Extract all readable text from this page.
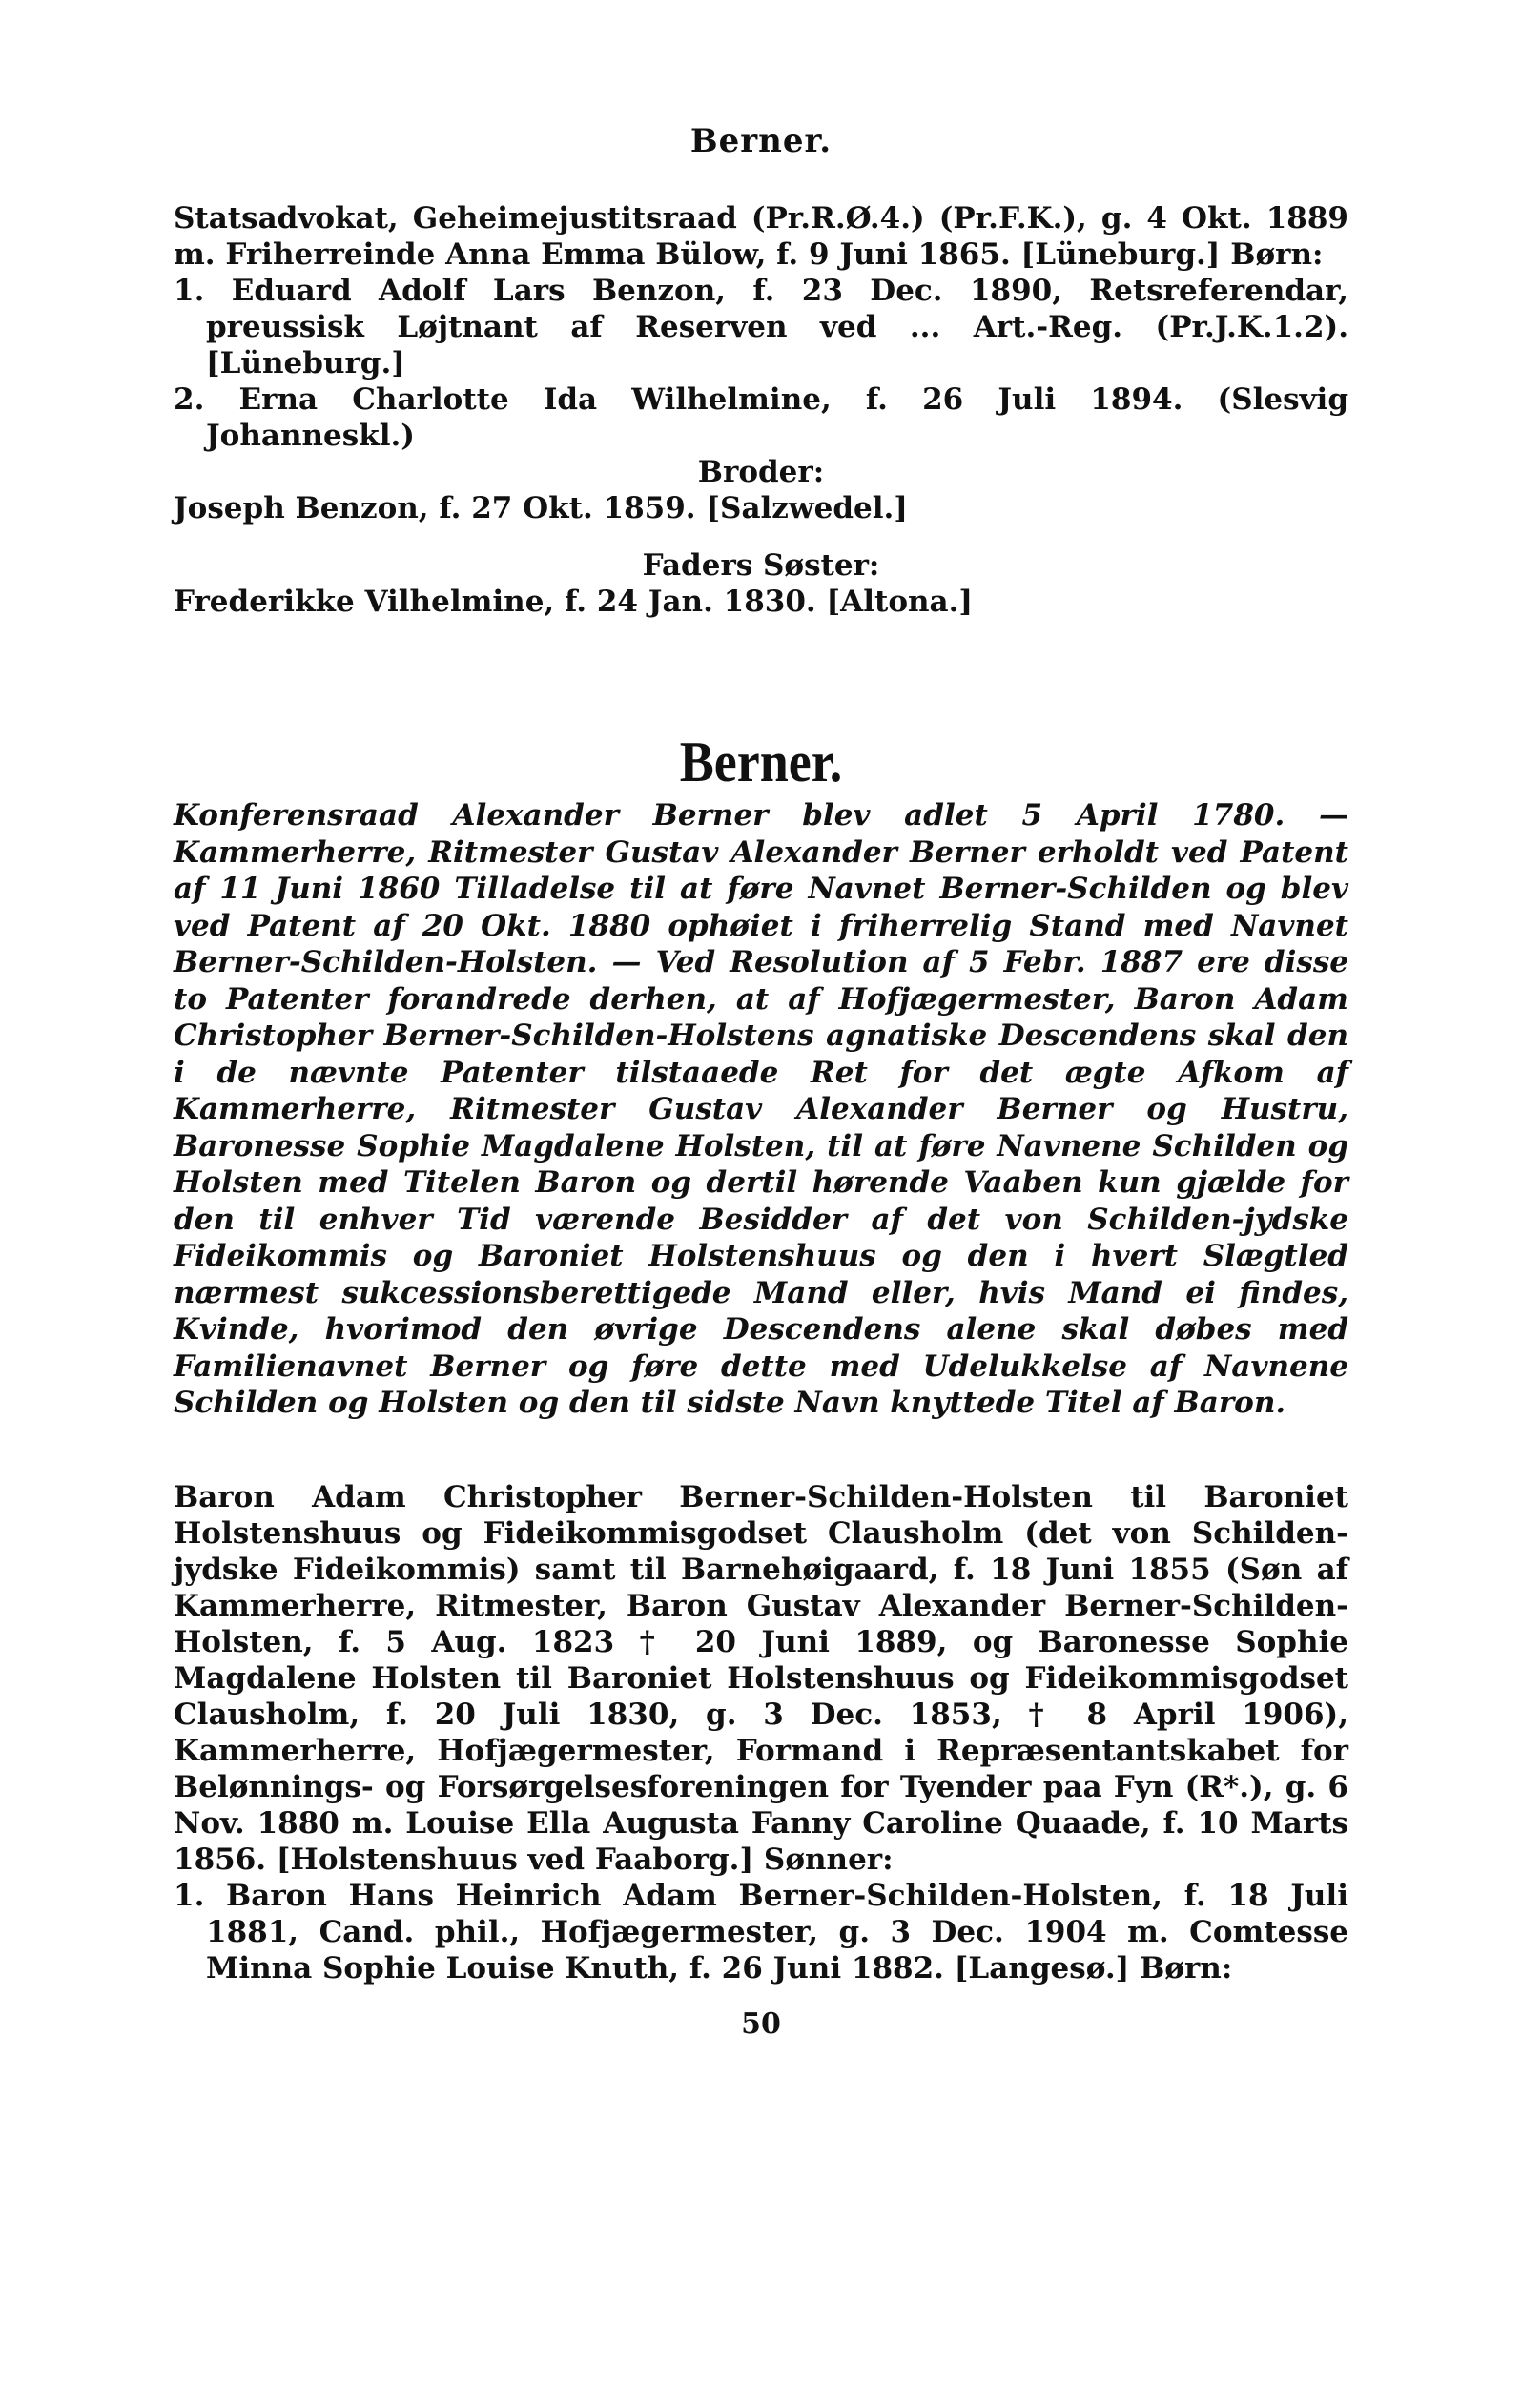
Berner.

Statsadvokat, Geheimejustitsraad (Pr.R.Ø.4.) (Pr.F.K.), g. 4 Okt. 1889 m. Friherreinde Anna Emma Bülow, f. 9 Juni 1865. [Lüneburg.] Børn:

1. Eduard Adolf Lars Benzon, f. 23 Dec. 1890, Retsreferendar, preussisk Løjtnant af Reserven ved ... Art.-Reg. (Pr.J.K.1.2). [Lüneburg.]

2. Erna Charlotte Ida Wilhelmine, f. 26 Juli 1894. (Slesvig Johanneskl.)

Broder:

Joseph Benzon, f. 27 Okt. 1859. [Salzwedel.]

Faders Søster:

Frederikke Vilhelmine, f. 24 Jan. 1830. [Altona.]

Berner.

Konferensraad Alexander Berner blev adlet 5 April 1780. — Kammerherre, Ritmester Gustav Alexander Berner erholdt ved Patent af 11 Juni 1860 Tilladelse til at føre Navnet Berner-Schilden og blev ved Patent af 20 Okt. 1880 ophøiet i friherrelig Stand med Navnet Berner-Schilden-Holsten. — Ved Resolution af 5 Febr. 1887 ere disse to Patenter forandrede derhen, at af Hofjægermester, Baron Adam Christopher Berner-Schilden-Holstens agnatiske Descendens skal den i de nævnte Patenter tilstaaede Ret for det ægte Afkom af Kammerherre, Ritmester Gustav Alexander Berner og Hustru, Baronesse Sophie Magdalene Holsten, til at føre Navnene Schilden og Holsten med Titelen Baron og dertil hørende Vaaben kun gjælde for den til enhver Tid værende Besidder af det von Schilden-jydske Fideikommis og Baroniet Holstenshuus og den i hvert Slægtled nærmest sukcessionsberettigede Mand eller, hvis Mand ei findes, Kvinde, hvorimod den øvrige Descendens alene skal døbes med Familienavnet Berner og føre dette med Udelukkelse af Navnene Schilden og Holsten og den til sidste Navn knyttede Titel af Baron.

Baron Adam Christopher Berner-Schilden-Holsten til Baroniet Holstenshuus og Fideikommisgodset Clausholm (det von Schilden-jydske Fideikommis) samt til Barnehøigaard, f. 18 Juni 1855 (Søn af Kammerherre, Ritmester, Baron Gustav Alexander Berner-Schilden-Holsten, f. 5 Aug. 1823 † 20 Juni 1889, og Baronesse Sophie Magdalene Holsten til Baroniet Holstenshuus og Fideikommisgodset Clausholm, f. 20 Juli 1830, g. 3 Dec. 1853, † 8 April 1906), Kammerherre, Hofjægermester, Formand i Repræsentantskabet for Belønnings- og Forsørgelsesforeningen for Tyender paa Fyn (R*.), g. 6 Nov. 1880 m. Louise Ella Augusta Fanny Caroline Quaade, f. 10 Marts 1856. [Holstenshuus ved Faaborg.] Sønner:

1. Baron Hans Heinrich Adam Berner-Schilden-Holsten, f. 18 Juli 1881, Cand. phil., Hofjægermester, g. 3 Dec. 1904 m. Comtesse Minna Sophie Louise Knuth, f. 26 Juni 1882. [Langesø.] Børn:

50
